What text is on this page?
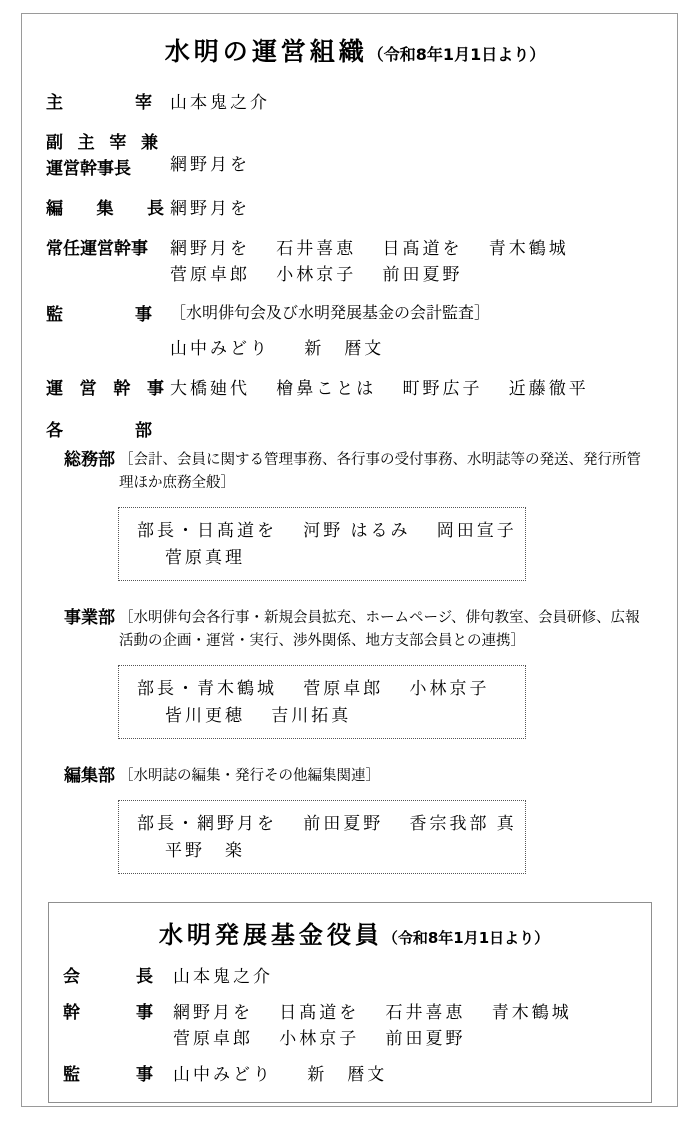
水明の運営組織（令和8年1月1日より）
主	宰 山本鬼之介
副 主 宰 兼
運営幹事長	網野月を
編 集 長 網野月を
常任運営幹事	網野月を 石井喜恵 日髙道を 青木鶴城
菅原卓郎 小林京子 前田夏野
監	事 ［水明俳句会及び水明発展基金の会計監査］
山中みどり 新　暦文
運 営 幹 事 大橋廸代 檜鼻ことは 町野広子 近藤徹平
各	部
総務部 ［会計、会員に関する管理事務、各行事の受付事務、水明誌等の発送、発行所管理ほか庶務全般］
部長・日髙道を 河野 はるみ 岡田宣子
菅原真理
事業部 ［水明俳句会各行事・新規会員拡充、ホームページ、俳句教室、会員研修、広報活動の企画・運営・実行、渉外関係、地方支部会員との連携］
部長・青木鶴城 菅原卓郎 小林京子
皆川更穂 吉川拓真
編集部 ［水明誌の編集・発行その他編集関連］
部長・網野月を 前田夏野 香宗我部 真
平野　楽
水明発展基金役員（令和8年1月1日より）
会	長 山本鬼之介
幹	事 網野月を 日髙道を 石井喜恵 青木鶴城
菅原卓郎 小林京子 前田夏野
監	事 山中みどり 新　暦文
